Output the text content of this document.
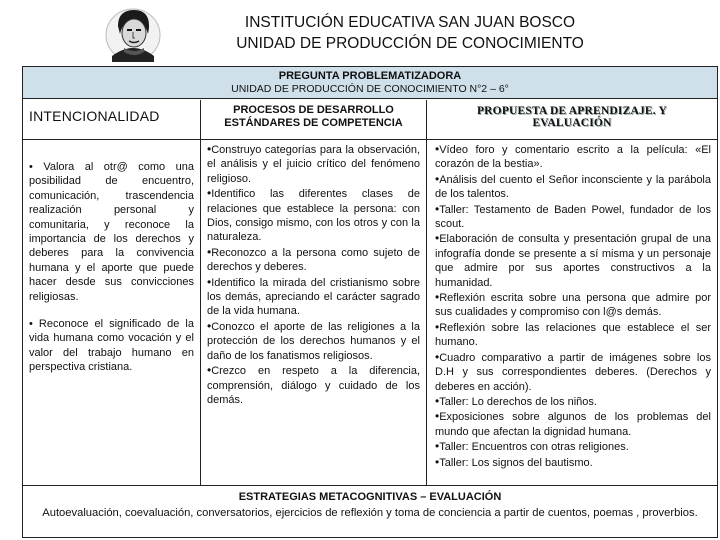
INSTITUCIÓN EDUCATIVA SAN JUAN BOSCO
UNIDAD DE PRODUCCIÓN DE CONOCIMIENTO
PREGUNTA PROBLEMATIZADORA
UNIDAD DE PRODUCCIÓN DE CONOCIMIENTO N°2 – 6°
INTENCIONALIDAD	PROCESOS DE DESARROLLO
ESTÁNDARES DE COMPETENCIA
PROPUESTA DE APRENDIZAJE. Y
EVALUACIÓN

• Valora al otr@ como una posibilidad de encuentro, comunicación, trascendencia realización personal y comunitaria, y reconoce la importancia de los derechos y deberes para la convivencia humana y el aporte que puede hacer desde sus convicciones religiosas.

• Reconoce el significado de la vida humana como vocación y el valor del trabajo humano en perspectiva cristiana.

•Construyo categorías para la observación, el análisis y el juicio crítico del fenómeno religioso.
•Identifico las diferentes clases de relaciones que establece la persona: con Dios, consigo mismo, con los otros y con la naturaleza.
•Reconozco a la persona como sujeto de derechos y deberes.
•Identifico la mirada del cristianismo sobre los demás, apreciando el carácter sagrado de la vida humana.
•Conozco el aporte de las religiones a la protección de los derechos humanos y el daño de los fanatismos religiosos.
•Crezco en respeto a la diferencia, comprensión, diálogo y cuidado de los demás.
•Vídeo foro y comentario escrito a la película: «El corazón de la bestia».
•Análisis del cuento el Señor inconsciente y la parábola de los talentos.
•Taller: Testamento de Baden Powel, fundador de los scout.
•Elaboración de consulta y presentación grupal de una infografía donde se presente a sí misma y un personaje que admire por sus aportes constructivos a la humanidad.
•Reflexión escrita sobre una persona que admire por sus cualidades y compromiso con l@s demás.
•Reflexión sobre las relaciones que establece el ser humano.
•Cuadro comparativo a partir de imágenes sobre los D.H y sus correspondientes deberes. (Derechos y deberes en acción).
•Taller: Lo derechos de los niños.
•Exposiciones sobre algunos de los problemas del mundo que afectan la dignidad humana.
•Taller: Encuentros con otras religiones.
•Taller: Los signos del bautismo.
ESTRATEGIAS METACOGNITIVAS – EVALUACIÓN
Autoevaluación, coevaluación, conversatorios, ejercicios de reflexión y toma de conciencia a partir de cuentos, poemas , proverbios.
